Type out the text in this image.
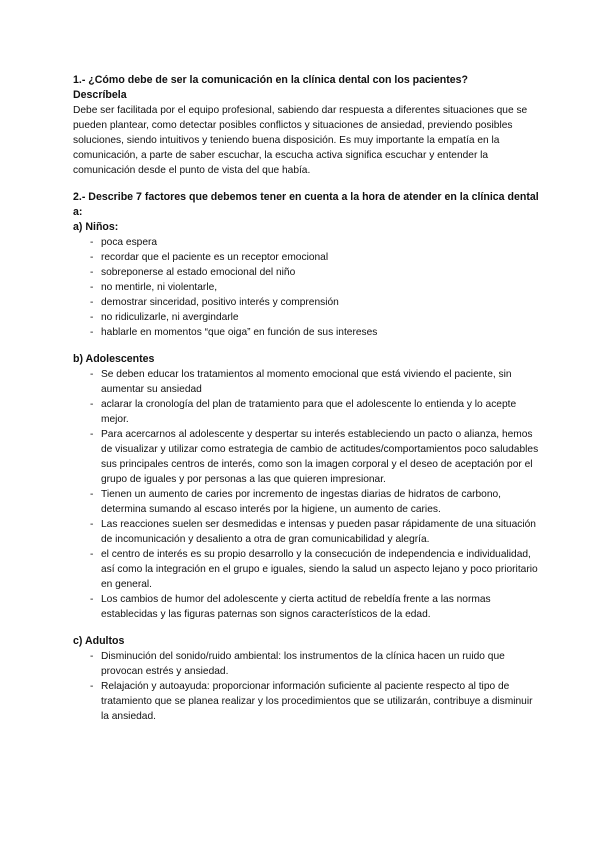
1.- ¿Cómo debe de ser la comunicación en la clínica dental con los pacientes?

Descríbela

Debe ser facilitada por el equipo profesional, sabiendo dar respuesta a diferentes situaciones que se pueden plantear, como detectar posibles conflictos y situaciones de ansiedad, previendo posibles soluciones, siendo intuitivos y teniendo buena disposición. Es muy importante la empatía en la comunicación, a parte de saber escuchar, la escucha activa significa escuchar y entender la comunicación desde el punto de vista del que había.

2.- Describe 7 factores que debemos tener en cuenta a la hora de atender en la clínica dental a:

a) Niños:

- poca espera
- recordar que el paciente es un receptor emocional
- sobreponerse al estado emocional del niño
- no mentirle, ni violentarle,
- demostrar sinceridad, positivo interés y comprensión
- no ridiculizarle, ni avergindarle
- hablarle en momentos “que oiga” en función de sus intereses

b) Adolescentes

- Se deben educar los tratamientos al momento emocional que está viviendo el paciente, sin aumentar su ansiedad
- aclarar la cronología del plan de tratamiento para que el adolescente lo entienda y lo acepte mejor.
- Para acercarnos al adolescente y despertar su interés estableciendo un pacto o alianza, hemos de visualizar y utilizar como estrategia de cambio de actitudes/comportamientos poco saludables sus principales centros de interés, como son la imagen corporal y el deseo de aceptación por el grupo de iguales y por personas a las que quieren impresionar.
- Tienen un aumento de caries por incremento de ingestas diarias de hidratos de carbono, determina sumando al escaso interés por la higiene, un aumento de caries.
- Las reacciones suelen ser desmedidas e intensas y pueden pasar rápidamente de una situación de incomunicación y desaliento a otra de gran comunicabilidad y alegría.
- el centro de interés es su propio desarrollo y la consecución de independencia e individualidad, así como la integración en el grupo e iguales, siendo la salud un aspecto lejano y poco prioritario en general.
- Los cambios de humor del adolescente y cierta actitud de rebeldía frente a las normas establecidas y las figuras paternas son signos característicos de la edad.

c) Adultos

- Disminución del sonido/ruido ambiental: los instrumentos de la clínica hacen un ruido que provocan estrés y ansiedad.
- Relajación y autoayuda: proporcionar información suficiente al paciente respecto al tipo de tratamiento que se planea realizar y los procedimientos que se utilizarán, contribuye a disminuir la ansiedad.
